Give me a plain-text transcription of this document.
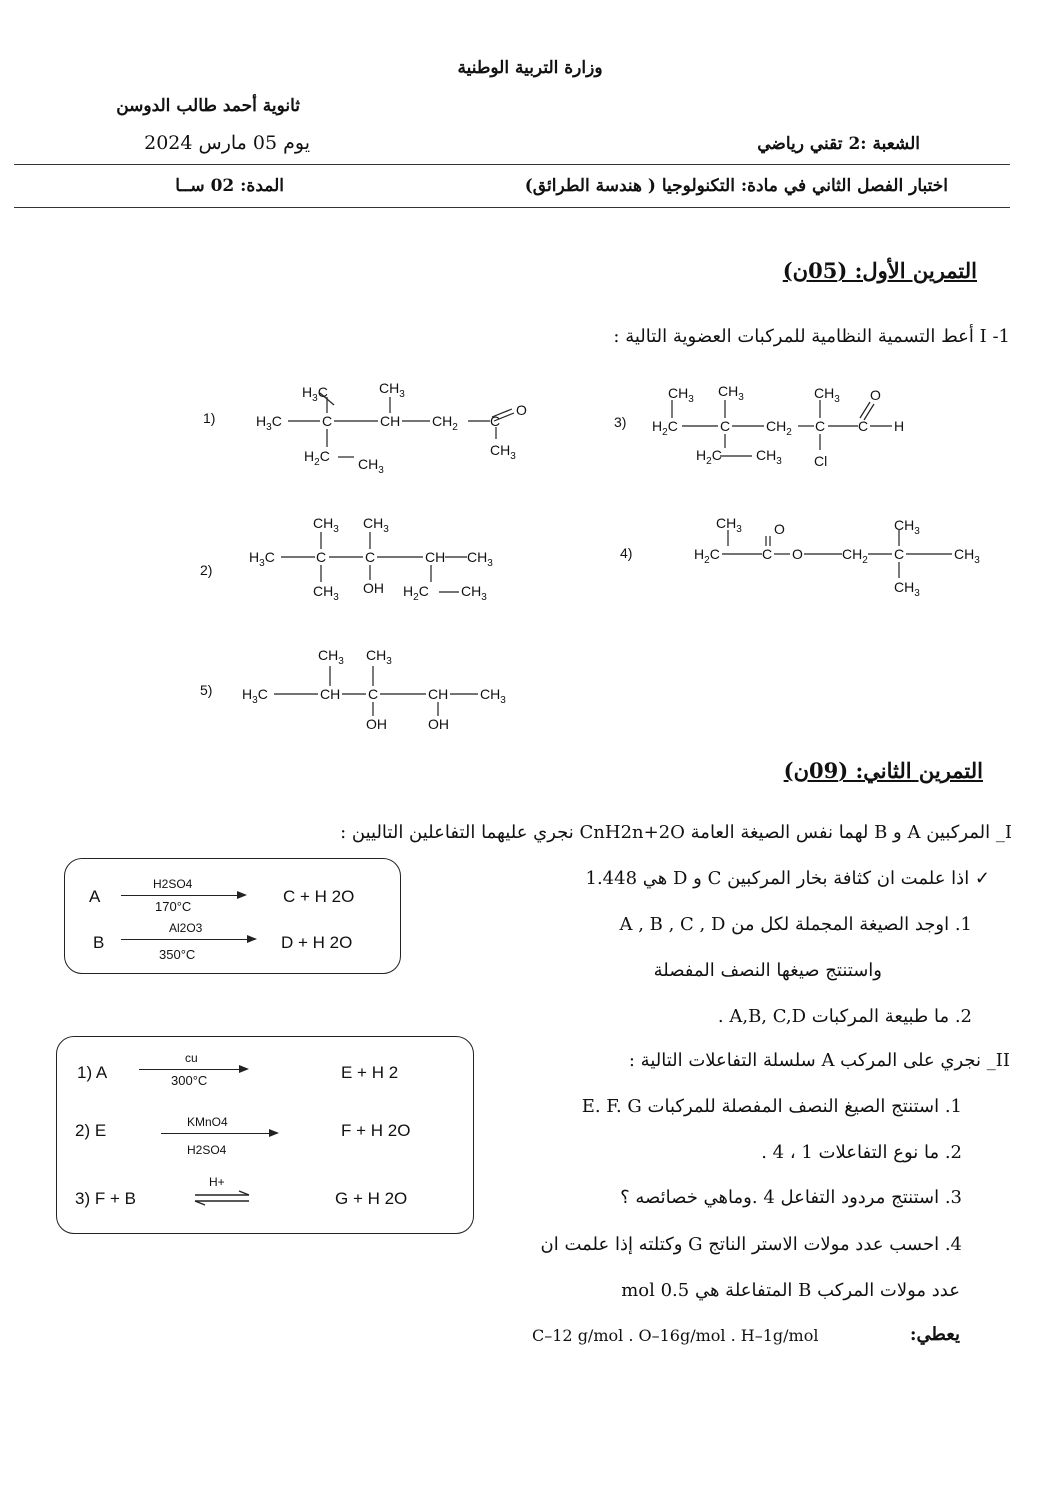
وزارة التربية الوطنية
ثانوية أحمد طالب الدوسن
يوم 05 مارس 2024	الشعبة :2 تقني رياضي
اختبار الفصل الثاني في مادة: التكنولوجيا ( هندسة الطرائق)
المدة: 02 ســا
التمرين الأول: (05ن)
I -1 أعط التسمية النظامية للمركبات العضوية التالية :
1)
2)
3)
4)
5)
$H_3C$	$CH_3$
$H_3C$	C	CH $CH_2$ C
O
$CH_3$
$H_2C$ $CH_3$
$CH_3$ $CH_3$
$H_3C$	C	C	CH $CH_3$
$CH_3$
OH $H_2C$ $CH_3$
$CH_3$
$CH_3$	$CH_3$ O
$H_2C$	C	$CH_2$ C C H
$H_2C$ $CH_3$ Cl
$CH_3$ O	$CH_3$
$H_2C$	C O	$CH_2$ C	$CH_3$
$CH_3$
$CH_3$ $CH_3$
$H_3C$	CH C	CH $CH_3$
OH	OH
التمرين الثاني: (09ن)
I_ المركبين A و B لهما نفس الصيغة العامة CnH2n+2O نجري عليهما التفاعلين التاليين :
✓ اذا علمت ان كثافة بخار المركبين C و D هي 1.448
1. اوجد الصيغة المجملة لكل من A , B , C , D
واستنتج صيغها النصف المفصلة
2. ما طبيعة المركبات A,B, C,D .
II_ نجري على المركب A سلسلة التفاعلات التالية :
1. استنتج الصيغ النصف المفصلة للمركبات E. F. G
2. ما نوع التفاعلات 1 ، 4 .
3. استنتج مردود التفاعل 4 .وماهي خصائصه ؟
4. احسب عدد مولات الاستر الناتج G وكتلته إذا علمت ان
عدد مولات المركب B المتفاعلة هي 0.5 mol
يعطي:
C–12 g/mol . O–16g/mol . H–1g/mol
A
H2SO4
170°C
C + H 2O
B
Al2O3
350°C
D + H 2O
1) A
cu
300°C	E + H 2
2) E	KMnO4
H2SO4
F + H 2O
3) F + B
H+
G + H 2O
